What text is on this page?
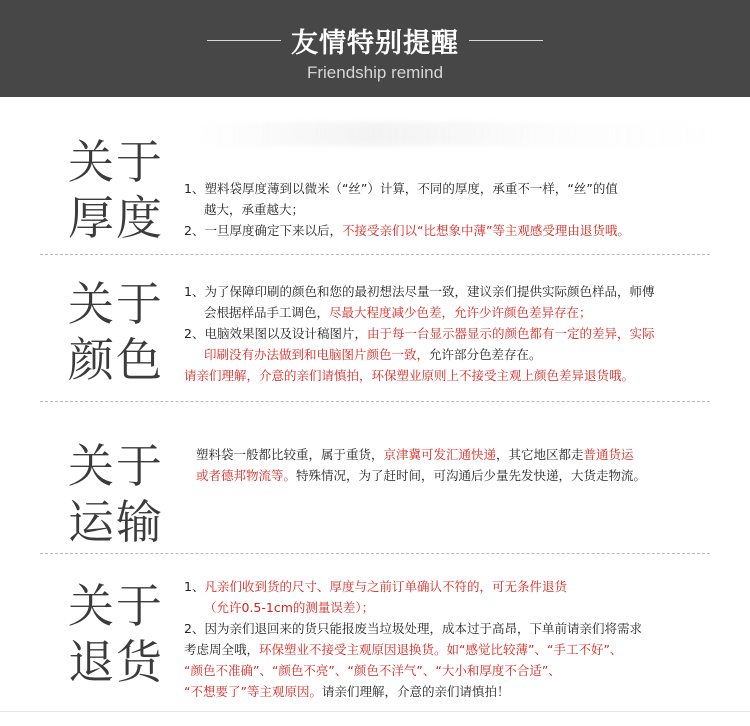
友情特别提醒
Friendship remind
关于
厚度
1、塑料袋厚度薄到以微米（“丝”）计算，不同的厚度，承重不一样，“丝”的值
越大，承重越大；
2、一旦厚度确定下来以后，不接受亲们以“比想象中薄”等主观感受理由退货哦。
关于
颜色
1、为了保障印刷的颜色和您的最初想法尽量一致，建议亲们提供实际颜色样品，师傅
会根据样品手工调色，尽最大程度减少色差，允许少许颜色差异存在；
2、电脑效果图以及设计稿图片，由于每一台显示器显示的颜色都有一定的差异，实际
印刷没有办法做到和电脑图片颜色一致，允许部分色差存在。
请亲们理解，介意的亲们请慎拍，环保塑业原则上不接受主观上颜色差异退货哦。
关于
运输
塑料袋一般都比较重，属于重货，京津冀可发汇通快递，其它地区都走普通货运
或者德邦物流等。特殊情况，为了赶时间，可沟通后少量先发快递，大货走物流。
关于
退货
1、凡亲们收到货的尺寸、厚度与之前订单确认不符的，可无条件退货
（允许0.5-1cm的测量误差）；
2、因为亲们退回来的货只能报废当垃圾处理，成本过于高昂，下单前请亲们将需求
考虑周全哦，环保塑业不接受主观原因退换货。如“感觉比较薄”、“手工不好”、
“颜色不准确”、“颜色不亮”、“颜色不洋气”、“大小和厚度不合适”、
“不想要了”等主观原因。请亲们理解，介意的亲们请慎拍！
